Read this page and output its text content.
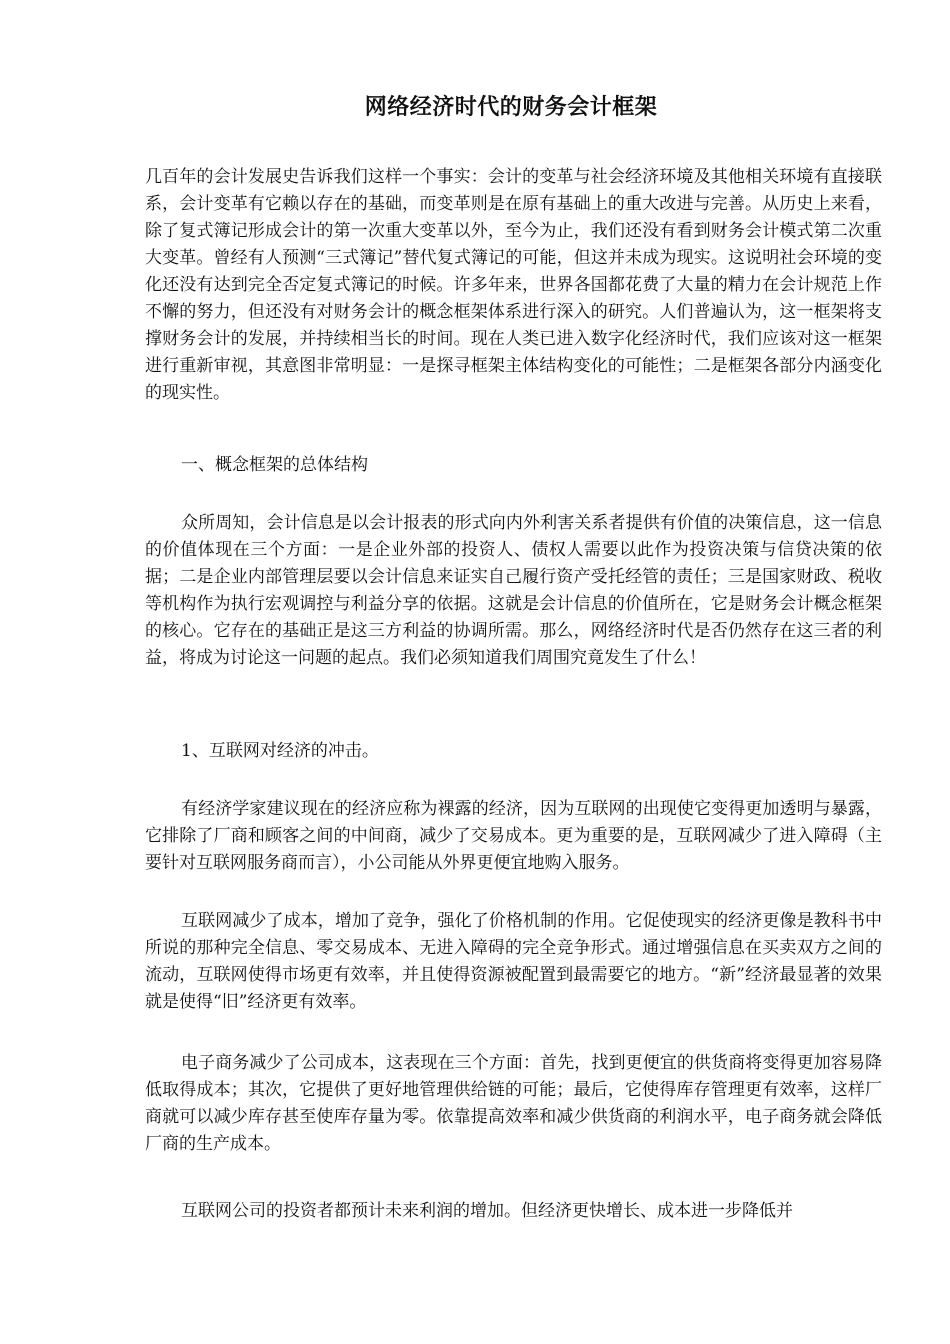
网络经济时代的财务会计框架

几百年的会计发展史告诉我们这样一个事实：会计的变革与社会经济环境及其他相关环境有直接联系，会计变革有它赖以存在的基础，而变革则是在原有基础上的重大改进与完善。从历史上来看，除了复式簿记形成会计的第一次重大变革以外，至今为止，我们还没有看到财务会计模式第二次重大变革。曾经有人预测“三式簿记”替代复式簿记的可能，但这并未成为现实。这说明社会环境的变化还没有达到完全否定复式簿记的时候。许多年来，世界各国都花费了大量的精力在会计规范上作不懈的努力，但还没有对财务会计的概念框架体系进行深入的研究。人们普遍认为，这一框架将支撑财务会计的发展，并持续相当长的时间。现在人类已进入数字化经济时代，我们应该对这一框架进行重新审视，其意图非常明显：一是探寻框架主体结构变化的可能性；二是框架各部分内涵变化的现实性。

一、概念框架的总体结构

众所周知，会计信息是以会计报表的形式向内外利害关系者提供有价值的决策信息，这一信息的价值体现在三个方面：一是企业外部的投资人、债权人需要以此作为投资决策与信贷决策的依据；二是企业内部管理层要以会计信息来证实自己履行资产受托经管的责任；三是国家财政、税收等机构作为执行宏观调控与利益分享的依据。这就是会计信息的价值所在，它是财务会计概念框架的核心。它存在的基础正是这三方利益的协调所需。那么，网络经济时代是否仍然存在这三者的利益，将成为讨论这一问题的起点。我们必须知道我们周围究竟发生了什么！

1、互联网对经济的冲击。

有经济学家建议现在的经济应称为裸露的经济，因为互联网的出现使它变得更加透明与暴露，它排除了厂商和顾客之间的中间商，减少了交易成本。更为重要的是，互联网减少了进入障碍（主要针对互联网服务商而言），小公司能从外界更便宜地购入服务。

互联网减少了成本，增加了竞争，强化了价格机制的作用。它促使现实的经济更像是教科书中所说的那种完全信息、零交易成本、无进入障碍的完全竞争形式。通过增强信息在买卖双方之间的流动，互联网使得市场更有效率，并且使得资源被配置到最需要它的地方。“新”经济最显著的效果就是使得“旧”经济更有效率。

电子商务减少了公司成本，这表现在三个方面：首先，找到更便宜的供货商将变得更加容易降低取得成本；其次，它提供了更好地管理供给链的可能；最后，它使得库存管理更有效率，这样厂商就可以减少库存甚至使库存量为零。依靠提高效率和减少供货商的利润水平，电子商务就会降低厂商的生产成本。

互联网公司的投资者都预计未来利润的增加。但经济更快增长、成本进一步降低并
